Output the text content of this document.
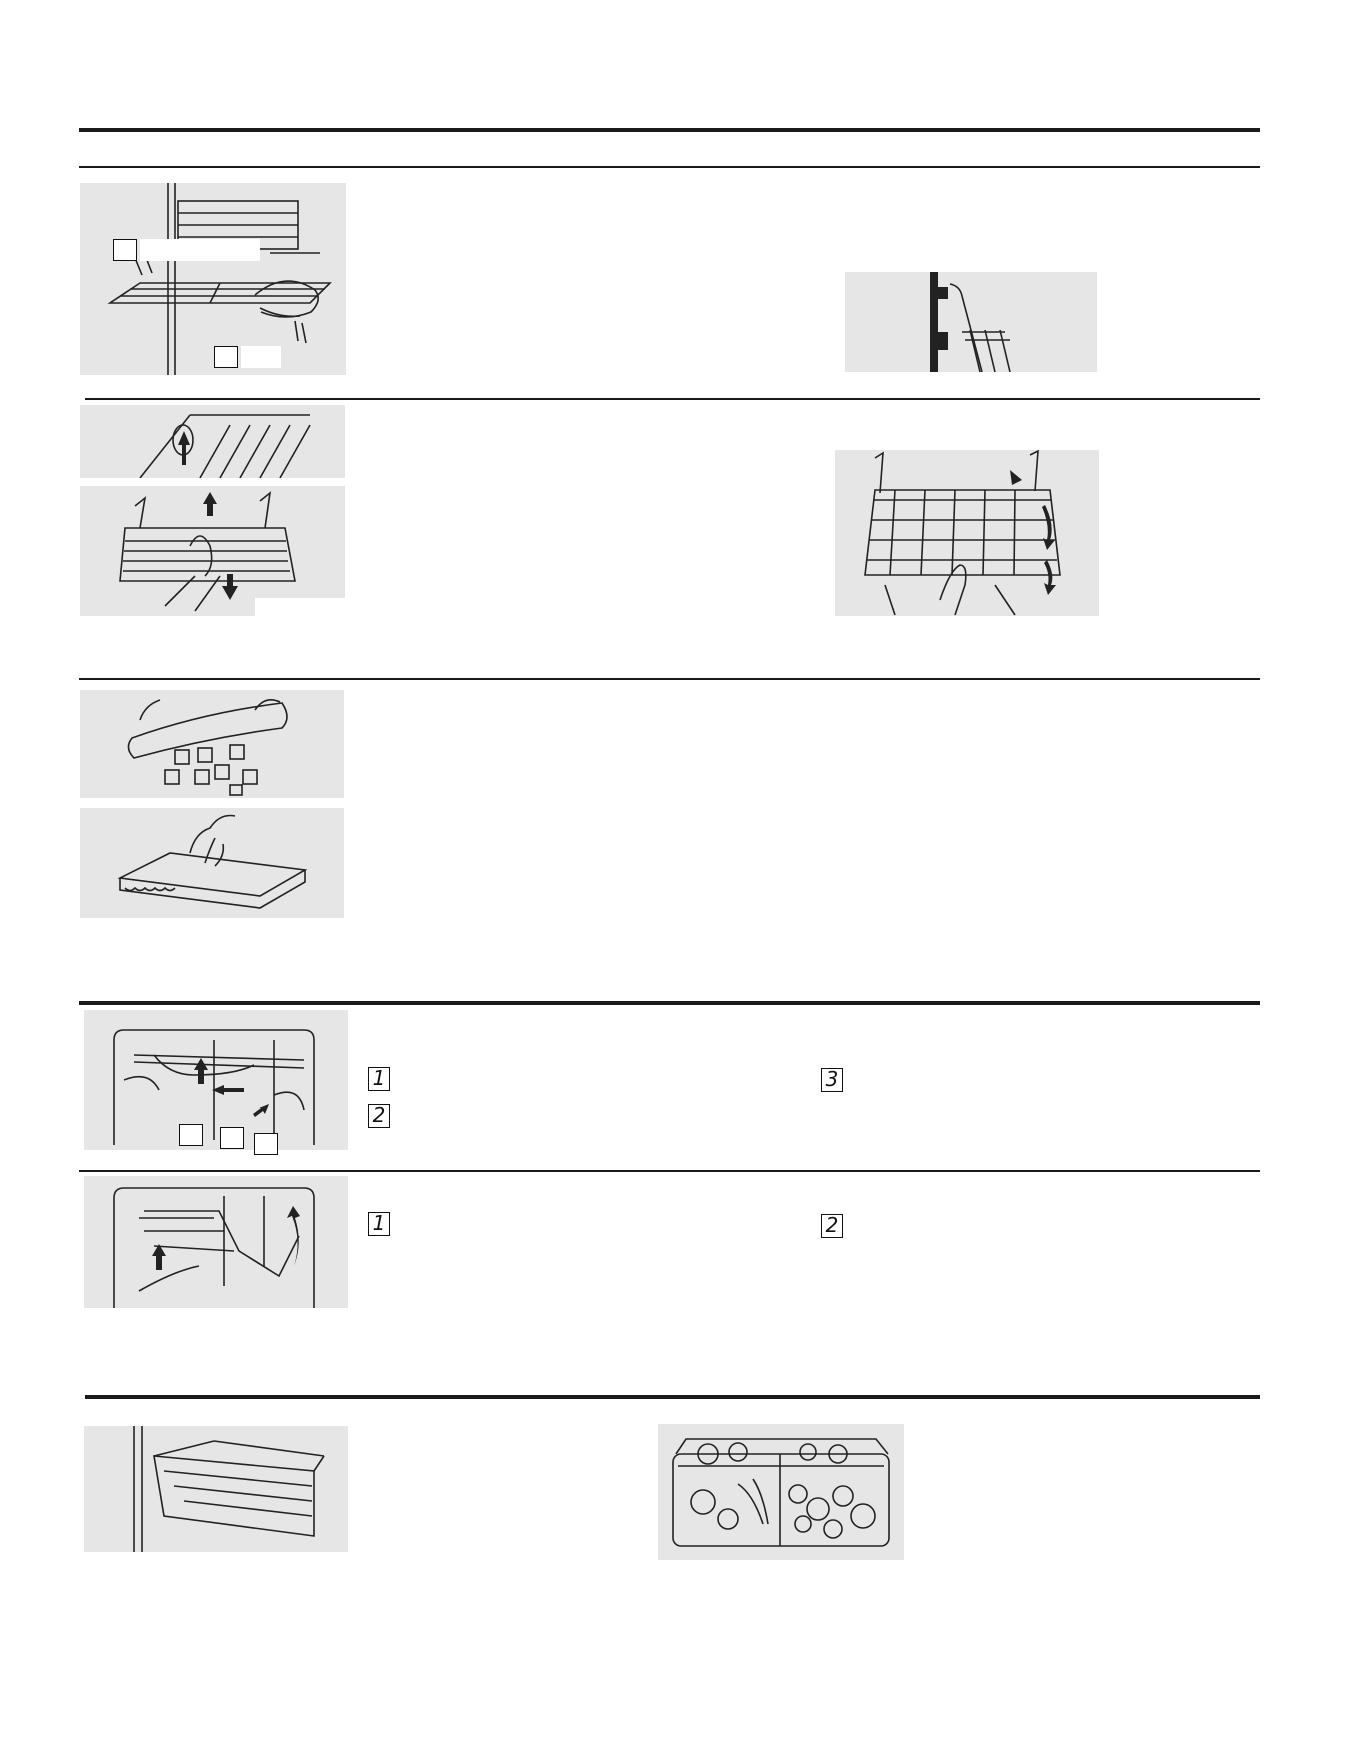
1
2
3
1	2
